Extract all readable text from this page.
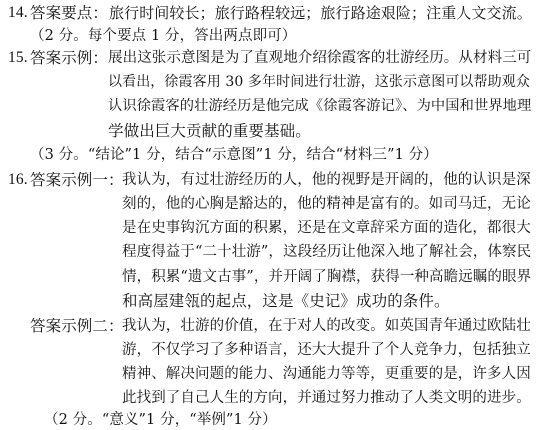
14. 答案要点： 旅行时间较长；旅行路程较远；旅行路途艰险；注重人文交流。
（2 分。每个要点 1 分，答出两点即可）
15. 答案示例： 展出这张示意图是为了直观地介绍徐霞客的壮游经历。从材料三可
以看出，徐霞客用 30 多年时间进行壮游，这张示意图可以帮助观众
认识徐霞客的壮游经历是他完成《徐霞客游记》、为中国和世界地理
学做出巨大贡献的重要基础。
（3 分。“结论”1 分，结合“示意图”1 分，结合“材料三”1 分）
16. 答案示例一：
我认为，有过壮游经历的人，他的视野是开阔的，他的认识是深
刻的，他的心胸是豁达的，他的精神是富有的。如司马迁，无论
是在史事钩沉方面的积累，还是在文章辞采方面的造化，都很大
程度得益于“二十壮游”，这段经历让他深入地了解社会，体察民
情，积累“遗文古事”，并开阔了胸襟，获得一种高瞻远瞩的眼界
和高屋建瓴的起点，这是《史记》成功的条件。
答案示例二：
我认为，壮游的价值，在于对人的改变。如英国青年通过欧陆壮
游，不仅学习了多种语言，还大大提升了个人竞争力，包括独立
精神、解决问题的能力、沟通能力等等，更重要的是，许多人因
此找到了自己人生的方向，并通过努力推动了人类文明的进步。
（2 分。“意义”1 分，“举例”1 分）
